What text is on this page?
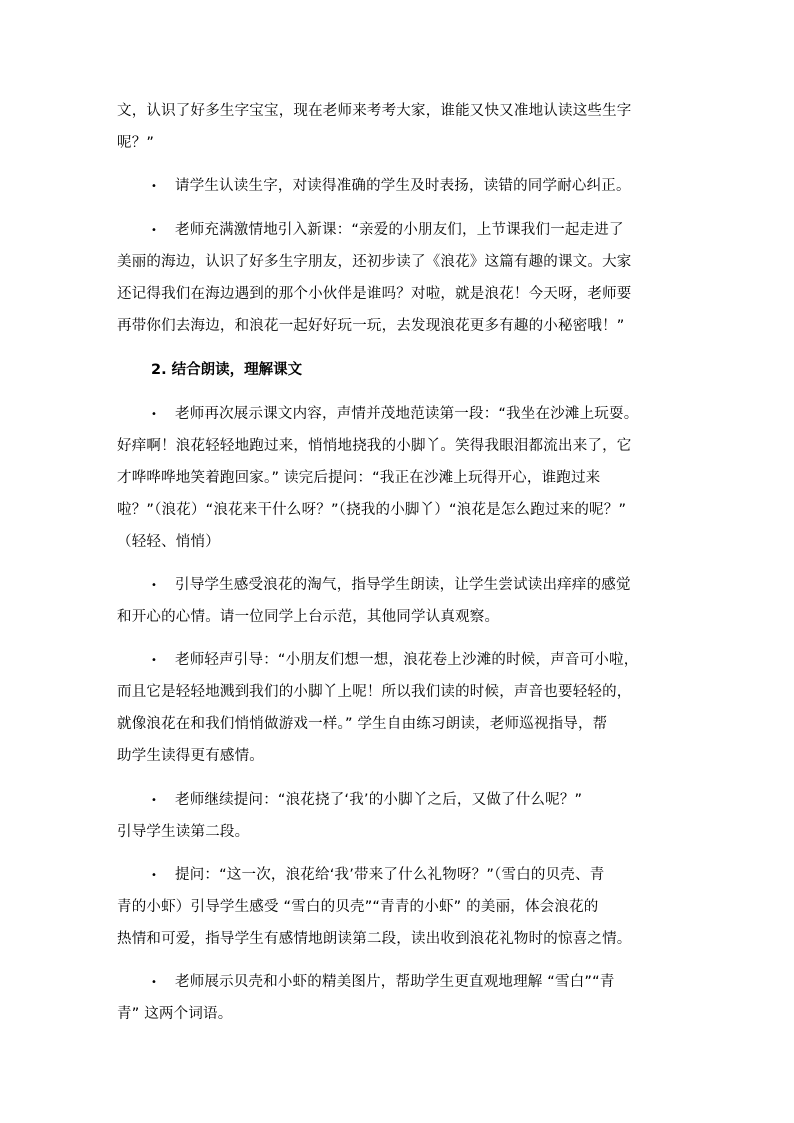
文，认识了好多生字宝宝，现在老师来考考大家，谁能又快又准地认读这些生字
呢？”
• 请学生认读生字，对读得准确的学生及时表扬，读错的同学耐心纠正。
• 老师充满激情地引入新课：“亲爱的小朋友们，上节课我们一起走进了
美丽的海边，认识了好多生字朋友，还初步读了《浪花》这篇有趣的课文。大家
还记得我们在海边遇到的那个小伙伴是谁吗？对啦，就是浪花！今天呀，老师要
再带你们去海边，和浪花一起好好玩一玩，去发现浪花更多有趣的小秘密哦！”
2. 结合朗读，理解课文
• 老师再次展示课文内容，声情并茂地范读第一段：“我坐在沙滩上玩耍。
好痒啊！浪花轻轻地跑过来，悄悄地挠我的小脚丫。笑得我眼泪都流出来了，它
才哗哗哗地笑着跑回家。” 读完后提问：“我正在沙滩上玩得开心，谁跑过来
啦？”（浪花）“浪花来干什么呀？”（挠我的小脚丫）“浪花是怎么跑过来的呢？”
（轻轻、悄悄）
• 引导学生感受浪花的淘气，指导学生朗读，让学生尝试读出痒痒的感觉
和开心的心情。请一位同学上台示范，其他同学认真观察。
• 老师轻声引导：“小朋友们想一想，浪花卷上沙滩的时候，声音可小啦，
而且它是轻轻地溅到我们的小脚丫上呢！所以我们读的时候，声音也要轻轻的，
就像浪花在和我们悄悄做游戏一样。” 学生自由练习朗读，老师巡视指导，帮
助学生读得更有感情。
• 老师继续提问：“浪花挠了‘我’的小脚丫之后，又做了什么呢？”
引导学生读第二段。
• 提问：“这一次，浪花给‘我’带来了什么礼物呀？”（雪白的贝壳、青
青的小虾）引导学生感受 “雪白的贝壳”“青青的小虾” 的美丽，体会浪花的
热情和可爱，指导学生有感情地朗读第二段，读出收到浪花礼物时的惊喜之情。
• 老师展示贝壳和小虾的精美图片，帮助学生更直观地理解 “雪白”“青
青” 这两个词语。
